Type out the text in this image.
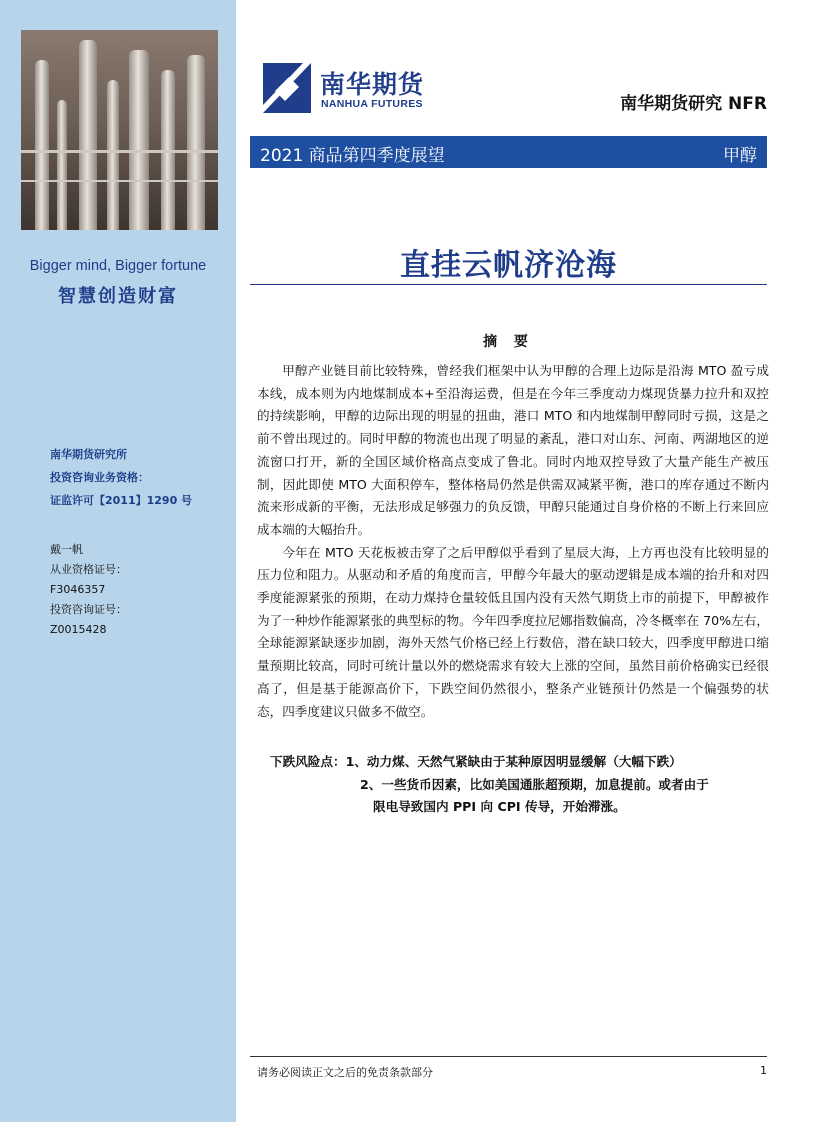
Bigger mind, Bigger fortune
智慧创造财富
南华期货研究所
投资咨询业务资格：
证监许可【2011】1290 号
戴一帆
从业资格证号：
F3046357
投资咨询证号：
Z0015428
南华期货
NANHUA FUTURES	南华期货研究 NFR
2021 商品第四季度展望	甲醇
直挂云帆济沧海
摘 要

甲醇产业链目前比较特殊，曾经我们框架中认为甲醇的合理上边际是沿海 MTO 盈亏成本线，成本则为内地煤制成本+至沿海运费，但是在今年三季度动力煤现货暴力拉升和双控的持续影响，甲醇的边际出现的明显的扭曲，港口 MTO 和内地煤制甲醇同时亏损，这是之前不曾出现过的。同时甲醇的物流也出现了明显的紊乱，港口对山东、河南、两湖地区的逆流窗口打开，新的全国区域价格高点变成了鲁北。同时内地双控导致了大量产能生产被压制，因此即使 MTO 大面积停车，整体格局仍然是供需双减紧平衡，港口的库存通过不断内流来形成新的平衡，无法形成足够强力的负反馈，甲醇只能通过自身价格的不断上行来回应成本端的大幅抬升。

今年在 MTO 天花板被击穿了之后甲醇似乎看到了星辰大海，上方再也没有比较明显的压力位和阻力。从驱动和矛盾的角度而言，甲醇今年最大的驱动逻辑是成本端的抬升和对四季度能源紧张的预期，在动力煤持仓量较低且国内没有天然气期货上市的前提下，甲醇被作为了一种炒作能源紧张的典型标的物。今年四季度拉尼娜指数偏高，冷冬概率在 70%左右，全球能源紧缺逐步加剧，海外天然气价格已经上行数倍，潜在缺口较大，四季度甲醇进口缩量预期比较高，同时可统计量以外的燃烧需求有较大上涨的空间，虽然目前价格确实已经很高了，但是基于能源高价下，下跌空间仍然很小，整条产业链预计仍然是一个偏强势的状态，四季度建议只做多不做空。

下跌风险点：1、动力煤、天然气紧缺由于某种原因明显缓解（大幅下跌）
2、一些货币因素，比如美国通胀超预期，加息提前。或者由于
限电导致国内 PPI 向 CPI 传导，开始滞涨。
请务必阅读正文之后的免责条款部分	1
